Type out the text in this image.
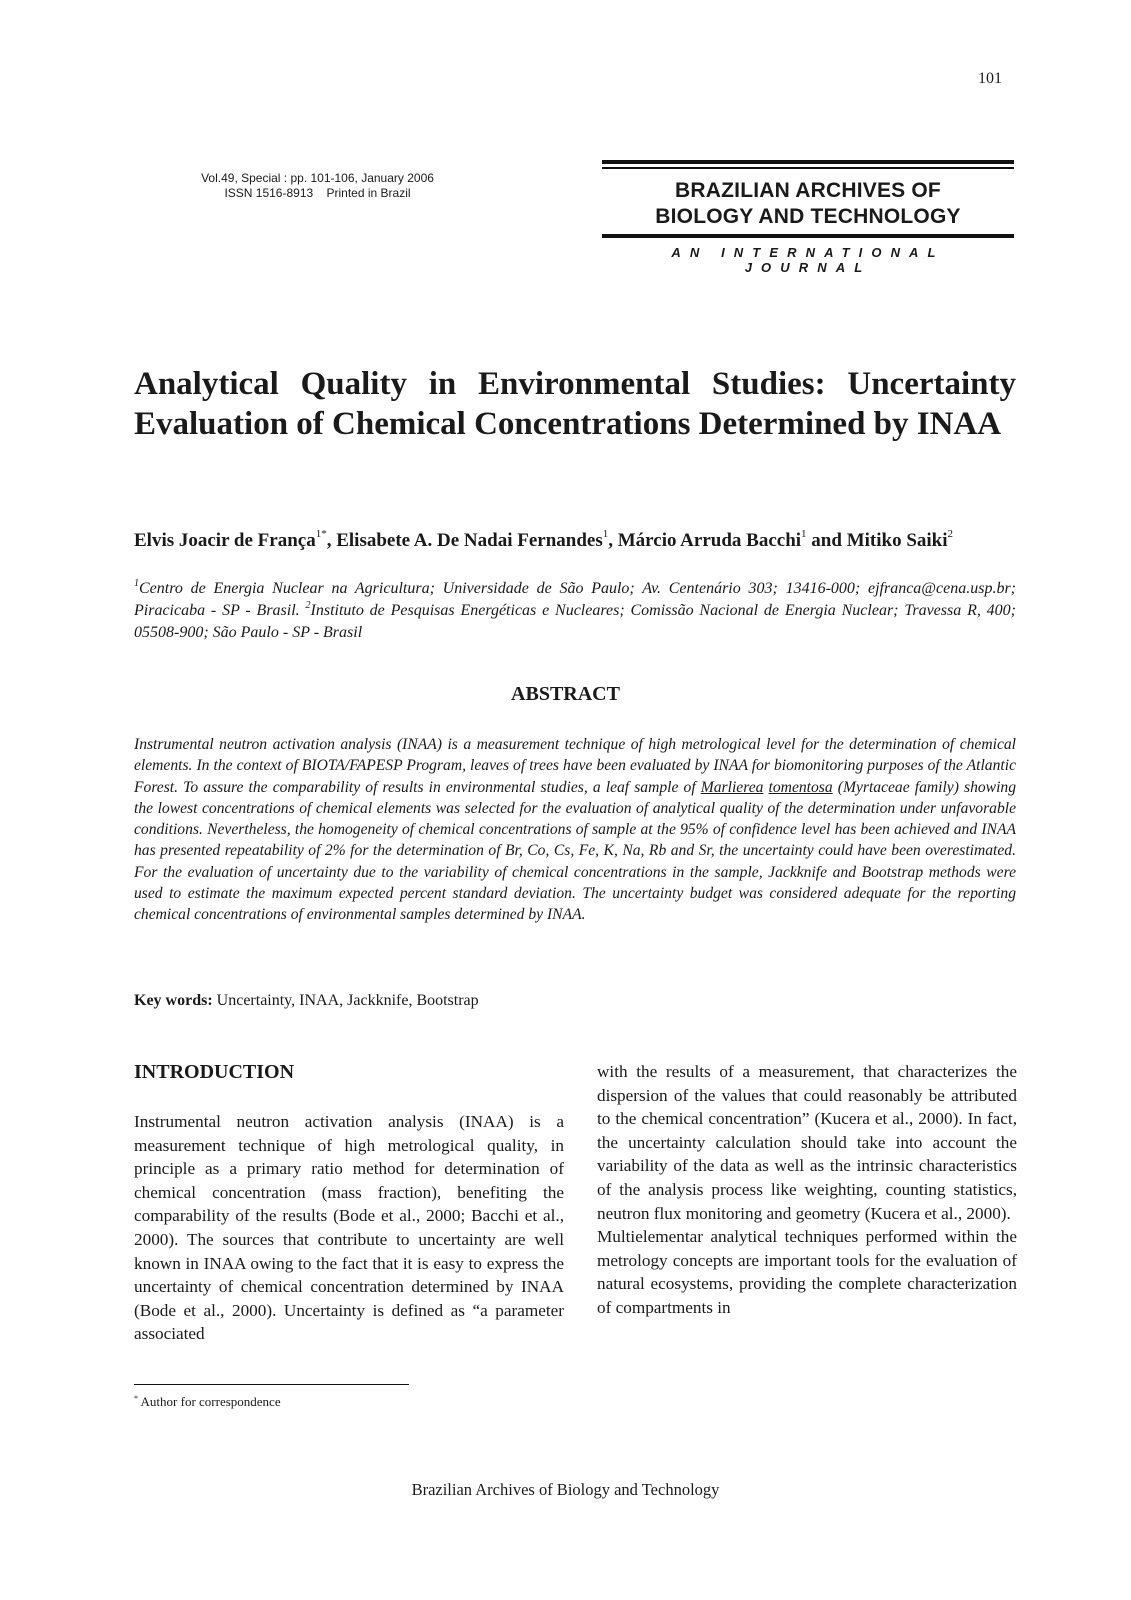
101
Vol.49, Special : pp. 101-106, January 2006
ISSN 1516-8913    Printed in Brazil	BRAZILIAN ARCHIVES OF
BIOLOGY AND TECHNOLOGY
AN INTERNATIONAL JOURNAL
Analytical Quality in Environmental Studies: Uncertainty Evaluation of Chemical Concentrations Determined by INAA
Elvis Joacir de França$^{1*}$, Elisabete A. De Nadai Fernandes$^1$, Márcio Arruda Bacchi$^1$ and Mitiko Saiki$^2$
$^1$Centro de Energia Nuclear na Agricultura; Universidade de São Paulo; Av. Centenário 303; 13416-000; ejfranca@cena.usp.br; Piracicaba - SP - Brasil. $^2$Instituto de Pesquisas Energéticas e Nucleares; Comissão Nacional de Energia Nuclear; Travessa R, 400; 05508-900; São Paulo - SP - Brasil
ABSTRACT
Instrumental neutron activation analysis (INAA) is a measurement technique of high metrological level for the determination of chemical elements. In the context of BIOTA/FAPESP Program, leaves of trees have been evaluated by INAA for biomonitoring purposes of the Atlantic Forest. To assure the comparability of results in environmental studies, a leaf sample of Marlierea tomentosa (Myrtaceae family) showing the lowest concentrations of chemical elements was selected for the evaluation of analytical quality of the determination under unfavorable conditions. Nevertheless, the homogeneity of chemical concentrations of sample at the 95% of confidence level has been achieved and INAA has presented repeatability of 2% for the determination of Br, Co, Cs, Fe, K, Na, Rb and Sr, the uncertainty could have been overestimated. For the evaluation of uncertainty due to the variability of chemical concentrations in the sample, Jackknife and Bootstrap methods were used to estimate the maximum expected percent standard deviation. The uncertainty budget was considered adequate for the reporting chemical concentrations of environmental samples determined by INAA.
Key words: Uncertainty, INAA, Jackknife, Bootstrap
INTRODUCTION
Instrumental neutron activation analysis (INAA) is a measurement technique of high metrological quality, in principle as a primary ratio method for determination of chemical concentration (mass fraction), benefiting the comparability of the results (Bode et al., 2000; Bacchi et al., 2000). The sources that contribute to uncertainty are well known in INAA owing to the fact that it is easy to express the uncertainty of chemical concentration determined by INAA (Bode et al., 2000). Uncertainty is defined as “a parameter associated

with the results of a measurement, that characterizes the dispersion of the values that could reasonably be attributed to the chemical concentration” (Kucera et al., 2000). In fact, the uncertainty calculation should take into account the variability of the data as well as the intrinsic characteristics of the analysis process like weighting, counting statistics, neutron flux monitoring and geometry (Kucera et al., 2000).

Multielementar analytical techniques performed within the metrology concepts are important tools for the evaluation of natural ecosystems, providing the complete characterization of compartments in

* Author for correspondence
Brazilian Archives of Biology and Technology
